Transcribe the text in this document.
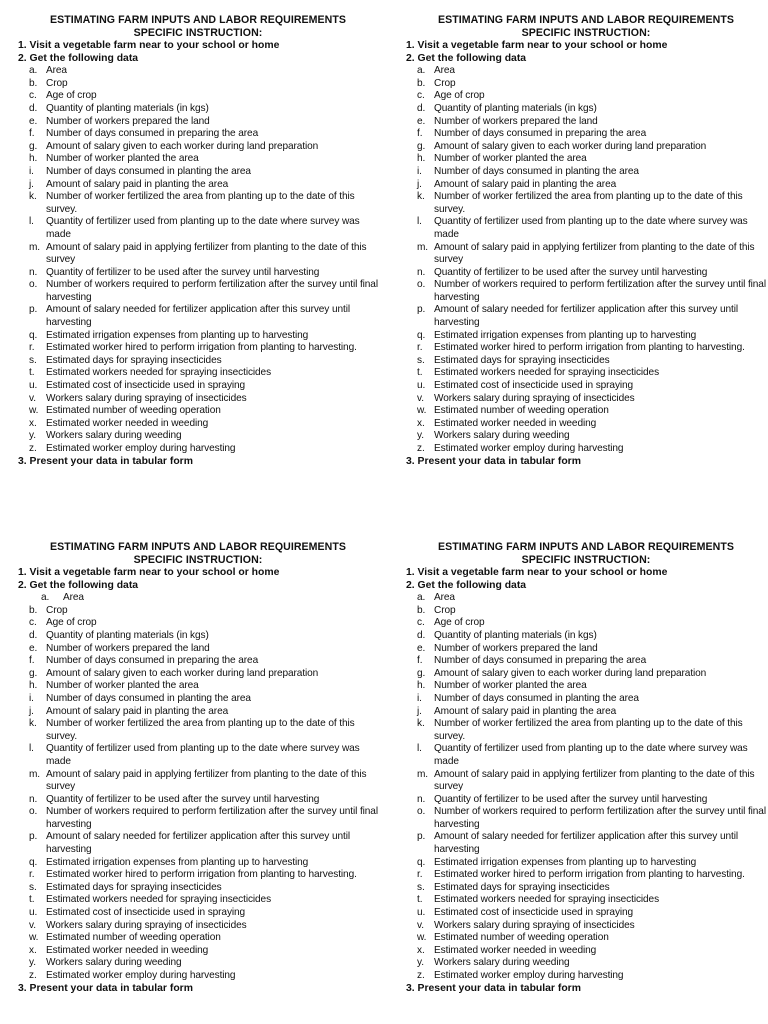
ESTIMATING FARM INPUTS AND LABOR REQUIREMENTS
SPECIFIC INSTRUCTION:
1. Visit a vegetable farm near to your school or home
2. Get the following data
a. Area
b. Crop
c. Age of crop
d. Quantity of planting materials (in kgs)
e. Number of workers prepared the land
f. Number of days consumed in preparing the area
g. Amount of salary given to each worker during land preparation
h. Number of worker planted the area
i. Number of days consumed in planting the area
j. Amount of salary paid in planting the area
k. Number of worker fertilized the area from planting up to the date of this survey.
l. Quantity of fertilizer used from planting up to the date where survey was made
m. Amount of salary paid in applying fertilizer from planting to the date of this survey
n. Quantity of fertilizer to be used after the survey until harvesting
o. Number of workers required to perform fertilization after the survey until final harvesting
p. Amount of salary needed for fertilizer application after this survey until harvesting
q. Estimated irrigation expenses from planting up to harvesting
r. Estimated worker hired to perform irrigation from planting to harvesting.
s. Estimated days for spraying insecticides
t. Estimated workers needed for spraying insecticides
u. Estimated cost of insecticide used in spraying
v. Workers salary during spraying of insecticides
w. Estimated number of weeding operation
x. Estimated worker needed in weeding
y. Workers salary during weeding
z. Estimated worker employ during harvesting
3. Present your data in tabular form
ESTIMATING FARM INPUTS AND LABOR REQUIREMENTS
SPECIFIC INSTRUCTION:
1. Visit a vegetable farm near to your school or home
2. Get the following data
a. Area
b. Crop
c. Age of crop
d. Quantity of planting materials (in kgs)
e. Number of workers prepared the land
f. Number of days consumed in preparing the area
g. Amount of salary given to each worker during land preparation
h. Number of worker planted the area
i. Number of days consumed in planting the area
j. Amount of salary paid in planting the area
k. Number of worker fertilized the area from planting up to the date of this survey.
l. Quantity of fertilizer used from planting up to the date where survey was made
m. Amount of salary paid in applying fertilizer from planting to the date of this survey
n. Quantity of fertilizer to be used after the survey until harvesting
o. Number of workers required to perform fertilization after the survey until final harvesting
p. Amount of salary needed for fertilizer application after this survey until harvesting
q. Estimated irrigation expenses from planting up to harvesting
r. Estimated worker hired to perform irrigation from planting to harvesting.
s. Estimated days for spraying insecticides
t. Estimated workers needed for spraying insecticides
u. Estimated cost of insecticide used in spraying
v. Workers salary during spraying of insecticides
w. Estimated number of weeding operation
x. Estimated worker needed in weeding
y. Workers salary during weeding
z. Estimated worker employ during harvesting
3. Present your data in tabular form
ESTIMATING FARM INPUTS AND LABOR REQUIREMENTS
SPECIFIC INSTRUCTION:
1. Visit a vegetable farm near to your school or home
2. Get the following data
a. Area
b. Crop
c. Age of crop
d. Quantity of planting materials (in kgs)
e. Number of workers prepared the land
f. Number of days consumed in preparing the area
g. Amount of salary given to each worker during land preparation
h. Number of worker planted the area
i. Number of days consumed in planting the area
j. Amount of salary paid in planting the area
k. Number of worker fertilized the area from planting up to the date of this survey.
l. Quantity of fertilizer used from planting up to the date where survey was made
m. Amount of salary paid in applying fertilizer from planting to the date of this survey
n. Quantity of fertilizer to be used after the survey until harvesting
o. Number of workers required to perform fertilization after the survey until final harvesting
p. Amount of salary needed for fertilizer application after this survey until harvesting
q. Estimated irrigation expenses from planting up to harvesting
r. Estimated worker hired to perform irrigation from planting to harvesting.
s. Estimated days for spraying insecticides
t. Estimated workers needed for spraying insecticides
u. Estimated cost of insecticide used in spraying
v. Workers salary during spraying of insecticides
w. Estimated number of weeding operation
x. Estimated worker needed in weeding
y. Workers salary during weeding
z. Estimated worker employ during harvesting
3. Present your data in tabular form
ESTIMATING FARM INPUTS AND LABOR REQUIREMENTS
SPECIFIC INSTRUCTION:
1. Visit a vegetable farm near to your school or home
2. Get the following data
a. Area
b. Crop
c. Age of crop
d. Quantity of planting materials (in kgs)
e. Number of workers prepared the land
f. Number of days consumed in preparing the area
g. Amount of salary given to each worker during land preparation
h. Number of worker planted the area
i. Number of days consumed in planting the area
j. Amount of salary paid in planting the area
k. Number of worker fertilized the area from planting up to the date of this survey.
l. Quantity of fertilizer used from planting up to the date where survey was made
m. Amount of salary paid in applying fertilizer from planting to the date of this survey
n. Quantity of fertilizer to be used after the survey until harvesting
o. Number of workers required to perform fertilization after the survey until final harvesting
p. Amount of salary needed for fertilizer application after this survey until harvesting
q. Estimated irrigation expenses from planting up to harvesting
r. Estimated worker hired to perform irrigation from planting to harvesting.
s. Estimated days for spraying insecticides
t. Estimated workers needed for spraying insecticides
u. Estimated cost of insecticide used in spraying
v. Workers salary during spraying of insecticides
w. Estimated number of weeding operation
x. Estimated worker needed in weeding
y. Workers salary during weeding
z. Estimated worker employ during harvesting
3. Present your data in tabular form
